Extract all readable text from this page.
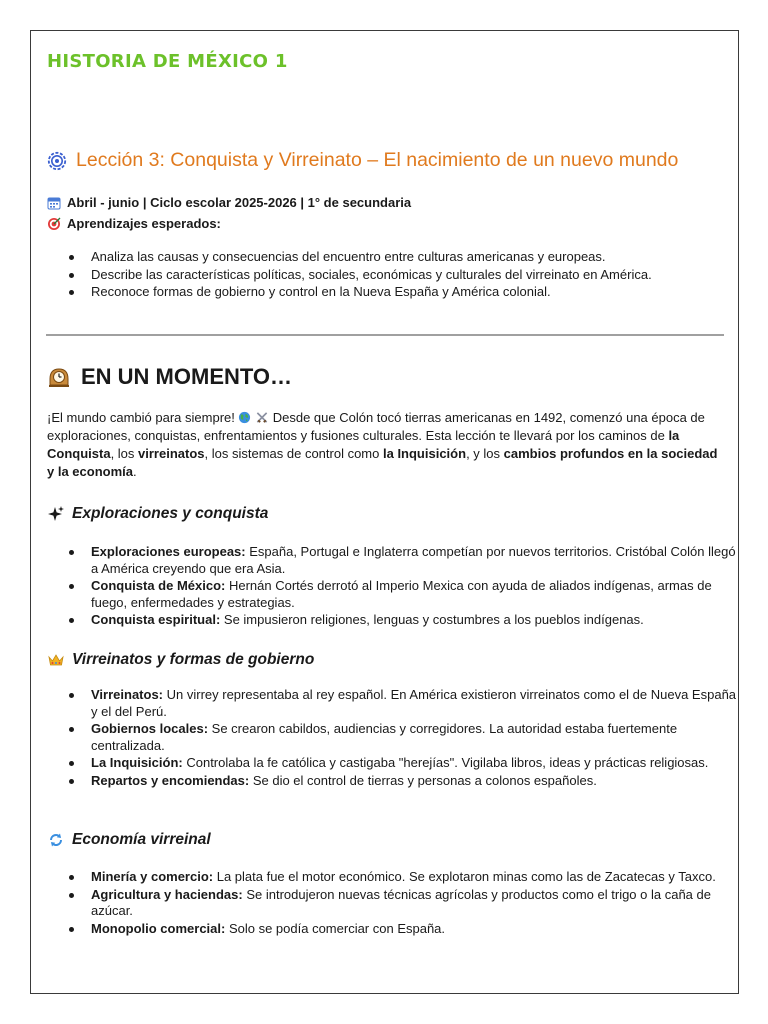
HISTORIA DE MÉXICO 1
Lección 3: Conquista y Virreinato – El nacimiento de un nuevo mundo
Abril - junio | Ciclo escolar 2025-2026 | 1° de secundaria
Aprendizajes esperados:
Analiza las causas y consecuencias del encuentro entre culturas americanas y europeas.
Describe las características políticas, sociales, económicas y culturales del virreinato en América.
Reconoce formas de gobierno y control en la Nueva España y América colonial.
EN UN MOMENTO…

¡El mundo cambió para siempre!	Desde que Colón tocó tierras americanas en 1492, comenzó una época de exploraciones, conquistas, enfrentamientos y fusiones culturales. Esta lección te llevará por los caminos de la Conquista, los virreinatos, los sistemas de control como la Inquisición, y los cambios profundos en la sociedad y la economía.

Exploraciones y conquista
Exploraciones europeas: España, Portugal e Inglaterra competían por nuevos territorios. Cristóbal Colón llegó a América creyendo que era Asia.
Conquista de México: Hernán Cortés derrotó al Imperio Mexica con ayuda de aliados indígenas, armas de fuego, enfermedades y estrategias.
Conquista espiritual: Se impusieron religiones, lenguas y costumbres a los pueblos indígenas.
Virreinatos y formas de gobierno
Virreinatos: Un virrey representaba al rey español. En América existieron virreinatos como el de Nueva España y el del Perú.
Gobiernos locales: Se crearon cabildos, audiencias y corregidores. La autoridad estaba fuertemente centralizada.
La Inquisición: Controlaba la fe católica y castigaba "herejías". Vigilaba libros, ideas y prácticas religiosas.
Repartos y encomiendas: Se dio el control de tierras y personas a colonos españoles.
Economía virreinal
Minería y comercio: La plata fue el motor económico. Se explotaron minas como las de Zacatecas y Taxco.
Agricultura y haciendas: Se introdujeron nuevas técnicas agrícolas y productos como el trigo o la caña de azúcar.
Monopolio comercial: Solo se podía comerciar con España.
